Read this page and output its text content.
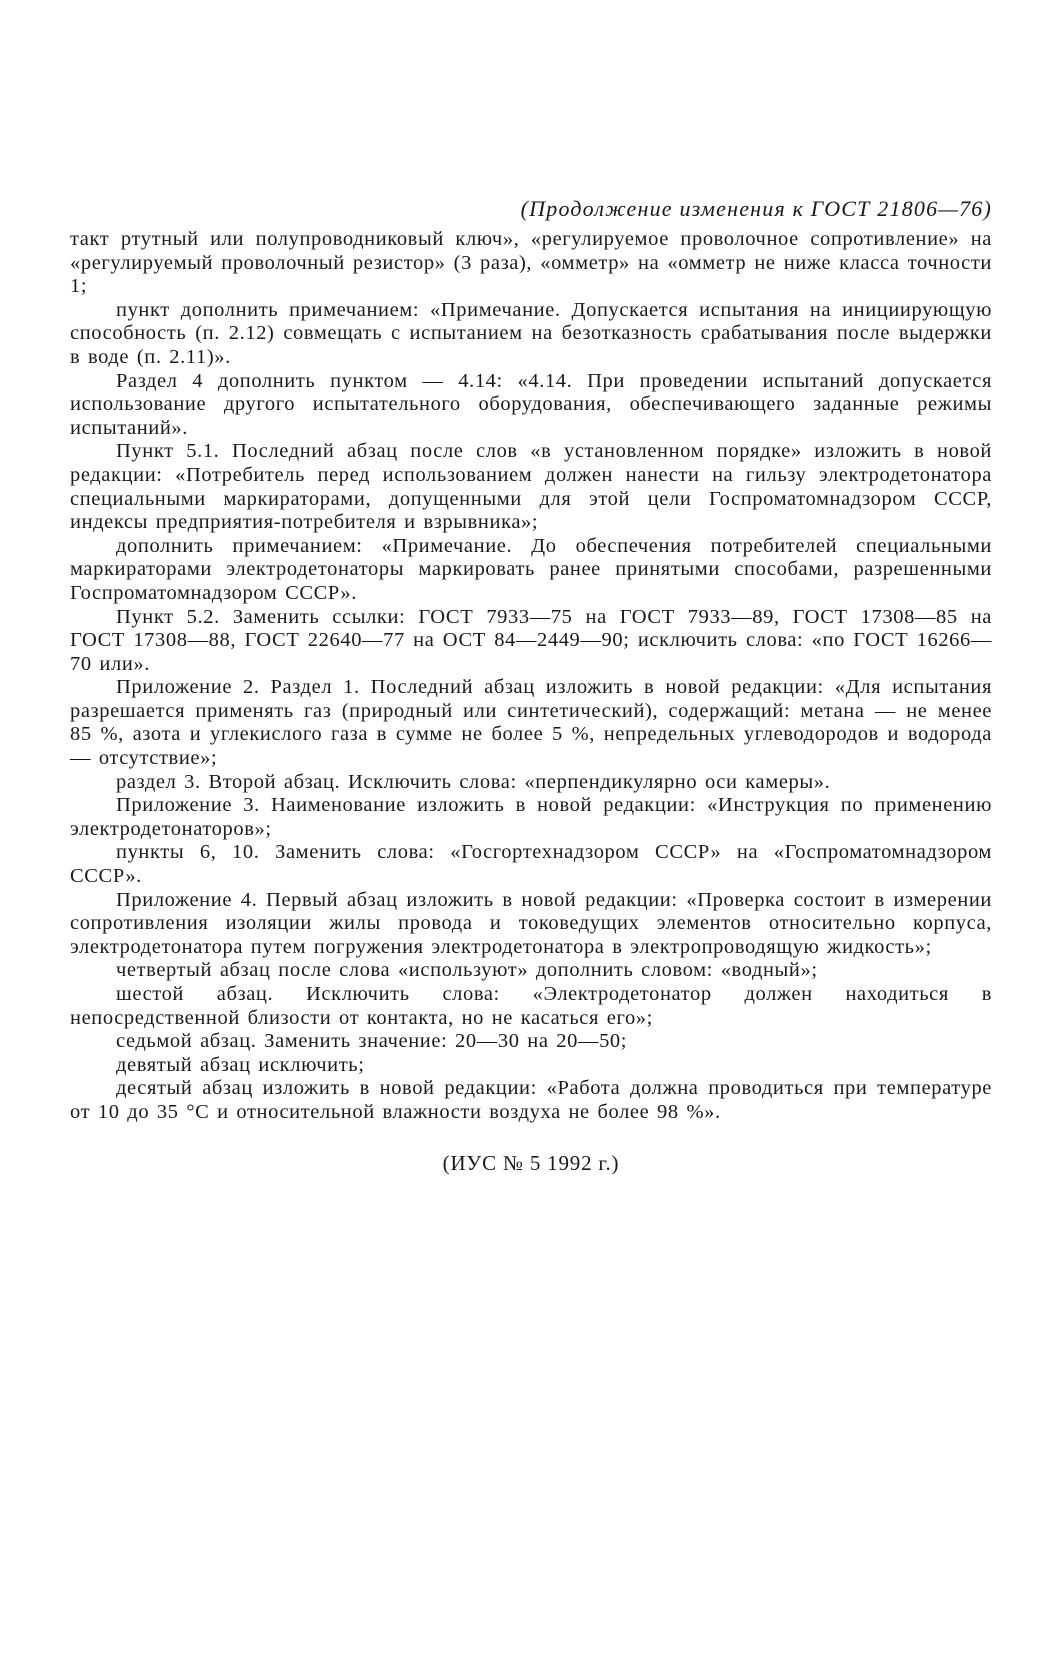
(Продолжение изменения к ГОСТ 21806—76)

такт ртутный или полупроводниковый ключ», «регулируемое проволочное сопротивление» на «регулируемый проволочный резистор» (3 раза), «омметр» на «омметр не ниже класса точности 1;

пункт дополнить примечанием: «Примечание. Допускается испытания на инициирующую способность (п. 2.12) совмещать с испытанием на безотказность срабатывания после выдержки в воде (п. 2.11)».

Раздел 4 дополнить пунктом — 4.14: «4.14. При проведении испытаний допускается использование другого испытательного оборудования, обеспечивающего заданные режимы испытаний».

Пункт 5.1. Последний абзац после слов «в установленном порядке» изложить в новой редакции: «Потребитель перед использованием должен нанести на гильзу электродетонатора специальными маркираторами, допущенными для этой цели Госпроматомнадзором СССР, индексы предприятия-потребителя и взрывника»;

дополнить примечанием: «Примечание. До обеспечения потребителей специальными маркираторами электродетонаторы маркировать ранее принятыми способами, разрешенными Госпроматомнадзором СССР».

Пункт 5.2. Заменить ссылки: ГОСТ 7933—75 на ГОСТ 7933—89, ГОСТ 17308—85 на ГОСТ 17308—88, ГОСТ 22640—77 на ОСТ 84—2449—90; исключить слова: «по ГОСТ 16266—70 или».

Приложение 2. Раздел 1. Последний абзац изложить в новой редакции: «Для испытания разрешается применять газ (природный или синтетический), содержащий: метана — не менее 85 %, азота и углекислого газа в сумме не более 5 %, непредельных углеводородов и водорода — отсутствие»;

раздел 3. Второй абзац. Исключить слова: «перпендикулярно оси камеры».

Приложение 3. Наименование изложить в новой редакции: «Инструкция по применению электродетонаторов»;

пункты 6, 10. Заменить слова: «Госгортехнадзором СССР» на «Госпроматомнадзором СССР».

Приложение 4. Первый абзац изложить в новой редакции: «Проверка состоит в измерении сопротивления изоляции жилы провода и токоведущих элементов относительно корпуса, электродетонатора путем погружения электродетонатора в электропроводящую жидкость»;

четвертый абзац после слова «используют» дополнить словом: «водный»;

шестой абзац. Исключить слова: «Электродетонатор должен находиться в непосредственной близости от контакта, но не касаться его»;

седьмой абзац. Заменить значение: 20—30 на 20—50;

девятый абзац исключить;

десятый абзац изложить в новой редакции: «Работа должна проводиться при температуре от 10 до 35 °С и относительной влажности воздуха не более 98 %».

(ИУС № 5 1992 г.)
